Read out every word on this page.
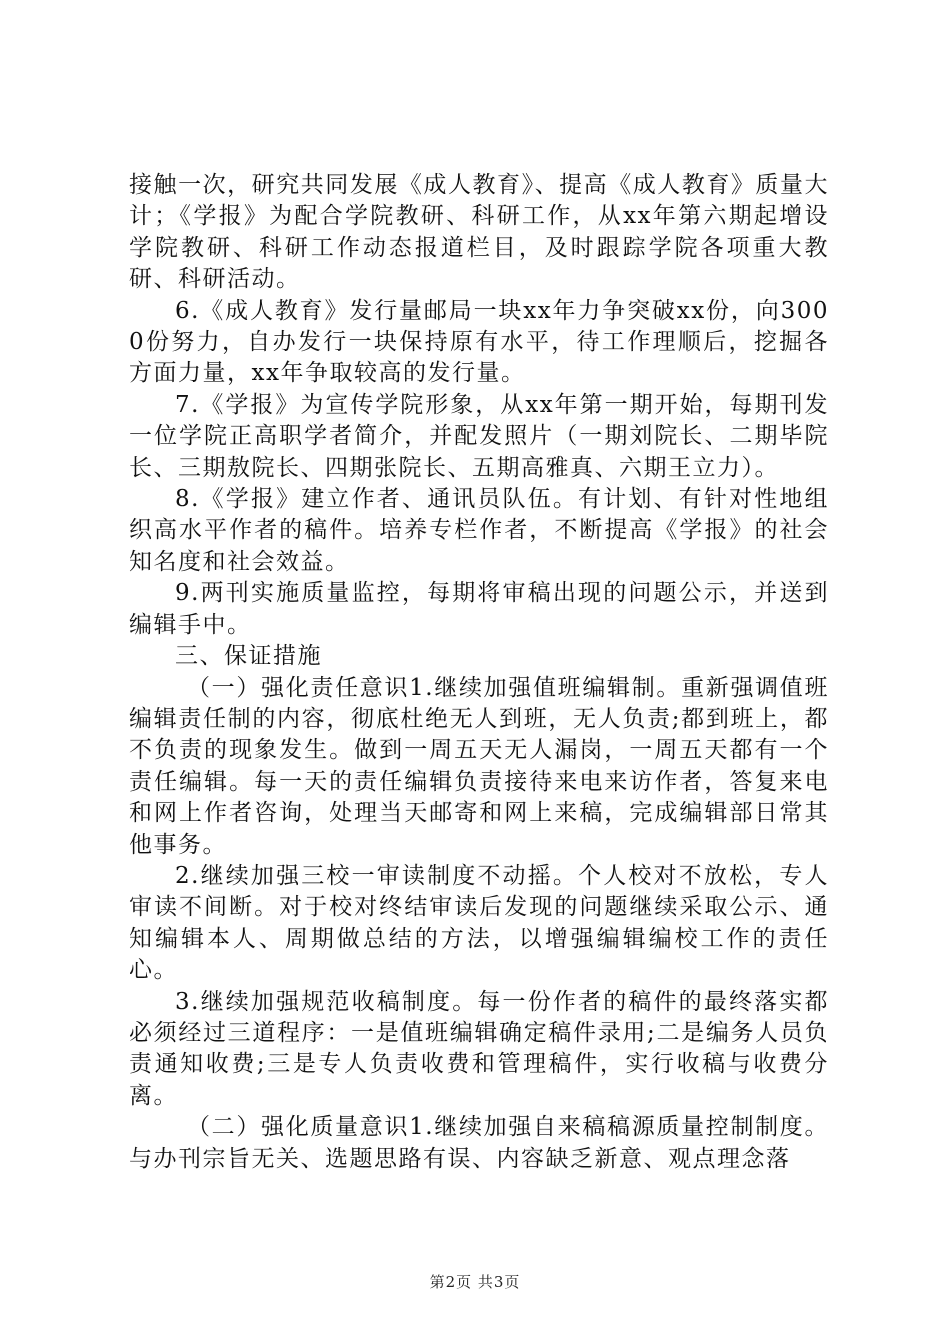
接触一次，研究共同发展《成人教育》、提高《成人教育》质量大计；《学报》为配合学院教研、科研工作，从xx年第六期起增设学院教研、科研工作动态报道栏目，及时跟踪学院各项重大教研、科研活动。

6.《成人教育》发行量邮局一块xx年力争突破xx份，向3000份努力，自办发行一块保持原有水平，待工作理顺后，挖掘各方面力量，xx年争取较高的发行量。

7.《学报》为宣传学院形象，从xx年第一期开始，每期刊发一位学院正高职学者简介，并配发照片（一期刘院长、二期毕院长、三期敖院长、四期张院长、五期高雅真、六期王立力）。

8.《学报》建立作者、通讯员队伍。有计划、有针对性地组织高水平作者的稿件。培养专栏作者，不断提高《学报》的社会知名度和社会效益。

9.两刊实施质量监控，每期将审稿出现的问题公示，并送到编辑手中。

三、保证措施

（一）强化责任意识1.继续加强值班编辑制。重新强调值班编辑责任制的内容，彻底杜绝无人到班，无人负责;都到班上，都不负责的现象发生。做到一周五天无人漏岗，一周五天都有一个责任编辑。每一天的责任编辑负责接待来电来访作者，答复来电和网上作者咨询，处理当天邮寄和网上来稿，完成编辑部日常其他事务。

2.继续加强三校一审读制度不动摇。个人校对不放松，专人审读不间断。对于校对终结审读后发现的问题继续采取公示、通知编辑本人、周期做总结的方法，以增强编辑编校工作的责任心。

3.继续加强规范收稿制度。每一份作者的稿件的最终落实都必须经过三道程序：一是值班编辑确定稿件录用;二是编务人员负责通知收费;三是专人负责收费和管理稿件，实行收稿与收费分离。

（二）强化质量意识1.继续加强自来稿稿源质量控制制度。与办刊宗旨无关、选题思路有误、内容缺乏新意、观点理念落

第2页 共3页
